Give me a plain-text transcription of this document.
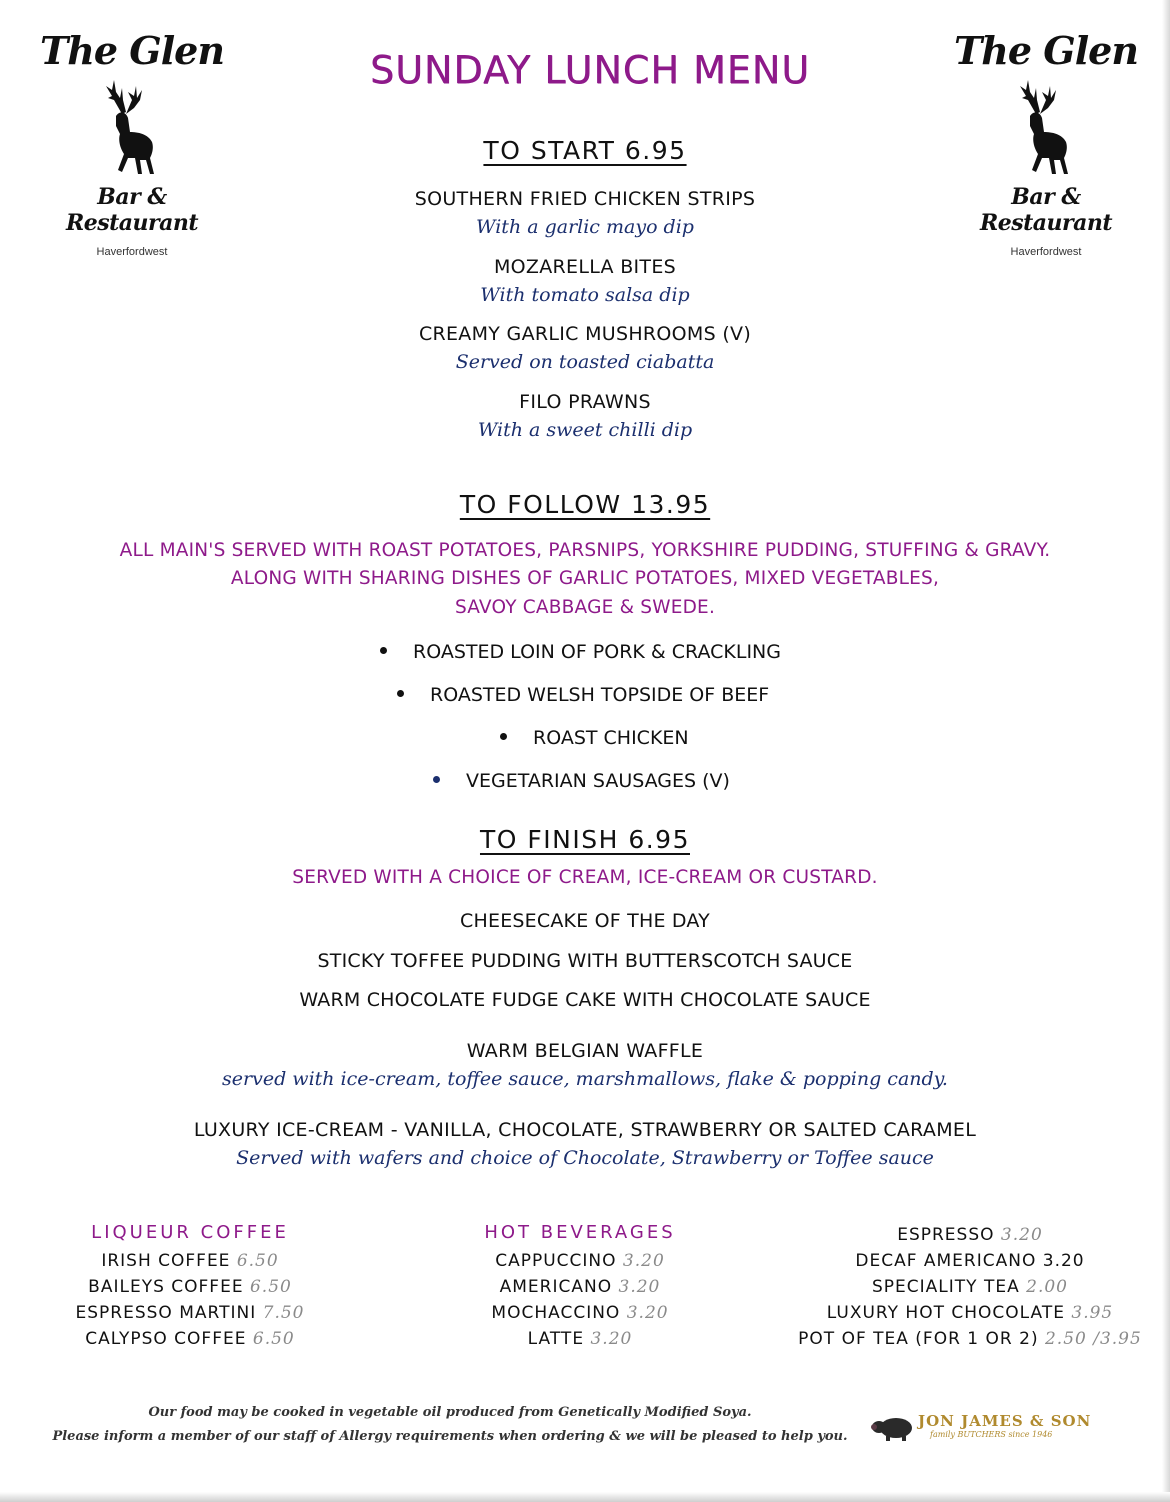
The Glen
Bar & Restaurant
Haverfordwest
The Glen
Bar & Restaurant
Haverfordwest
SUNDAY LUNCH MENU
TO START 6.95
SOUTHERN FRIED CHICKEN STRIPS
With a garlic mayo dip
MOZARELLA BITES
With tomato salsa dip
CREAMY GARLIC MUSHROOMS (V)
Served on toasted ciabatta
FILO PRAWNS
With a sweet chilli dip
TO FOLLOW 13.95
ALL MAIN'S SERVED WITH ROAST POTATOES, PARSNIPS, YORKSHIRE PUDDING, STUFFING & GRAVY.
ALONG WITH SHARING DISHES OF GARLIC POTATOES, MIXED VEGETABLES,
SAVOY CABBAGE & SWEDE.
ROASTED LOIN OF PORK & CRACKLING
ROASTED WELSH TOPSIDE OF BEEF
ROAST CHICKEN
VEGETARIAN SAUSAGES (V)
TO FINISH 6.95
SERVED WITH A CHOICE OF CREAM, ICE-CREAM OR CUSTARD.
CHEESECAKE OF THE DAY
STICKY TOFFEE PUDDING WITH BUTTERSCOTCH SAUCE
WARM CHOCOLATE FUDGE CAKE WITH CHOCOLATE SAUCE
WARM BELGIAN WAFFLE
served with ice-cream, toffee sauce, marshmallows, flake & popping candy.
LUXURY ICE-CREAM - VANILLA, CHOCOLATE, STRAWBERRY OR SALTED CARAMEL
Served with wafers and choice of Chocolate, Strawberry or Toffee sauce
LIQUEUR COFFEE
IRISH COFFEE 6.50
BAILEYS COFFEE 6.50
ESPRESSO MARTINI 7.50
CALYPSO COFFEE 6.50
HOT BEVERAGES
CAPPUCCINO 3.20
AMERICANO 3.20
MOCHACCINO 3.20
LATTE 3.20
ESPRESSO 3.20
DECAF AMERICANO 3.20
SPECIALITY TEA 2.00
LUXURY HOT CHOCOLATE 3.95
POT OF TEA (FOR 1 OR 2) 2.50 /3.95
Our food may be cooked in vegetable oil produced from Genetically Modified Soya.
Please inform a member of our staff of Allergy requirements when ordering & we will be pleased to help you.
JON JAMES & SON
family BUTCHERS since 1946
